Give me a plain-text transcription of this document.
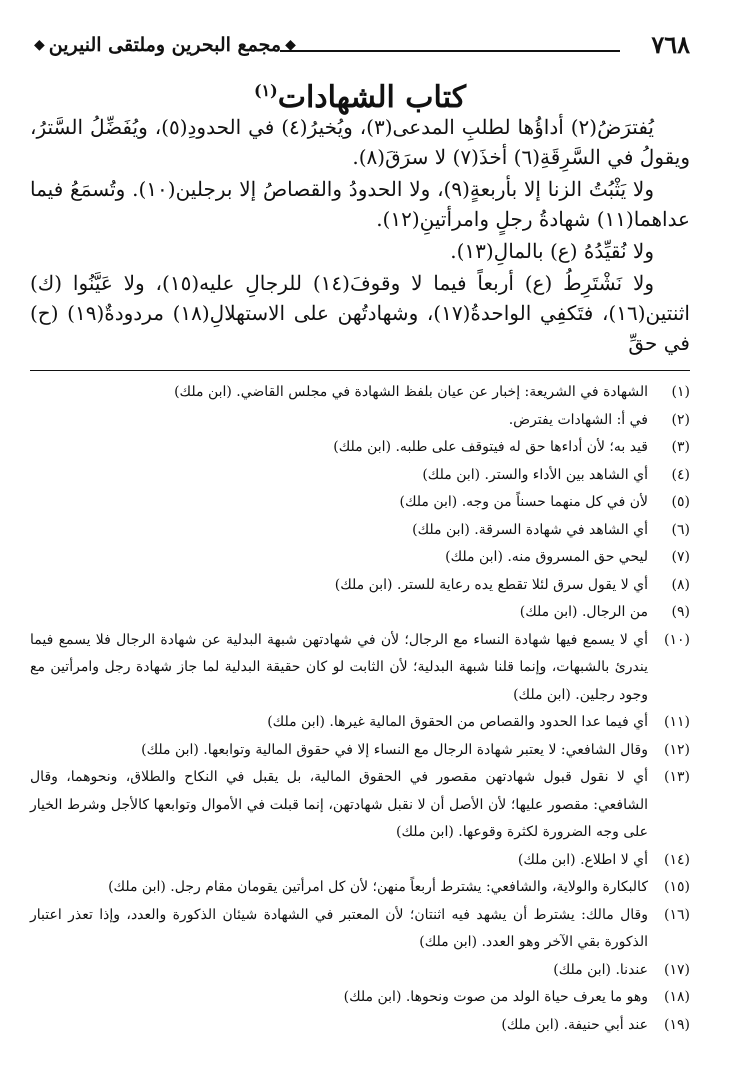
٧٦٨
◆
مجمع البحرين وملتقى النيرين
◆
كتاب الشهادات$^{(١)}$

يُفترَضُ(٢) أداؤُها لطلبِ المدعى(٣)، ويُخيرُ(٤) في الحدودِ(٥)، ويُفَضِّلُ السَّترُ، ويقولُ في السَّرِقَةِ(٦) أخذَ(٧) لا سرَقَ(٨).

ولا يَثْبُتُ الزنا إلا بأربعةٍ(٩)، ولا الحدودُ والقصاصُ إلا برجلين(١٠). وتُسمَعُ فيما عداهما(١١) شهادةُ رجلٍ وامرأتينِ(١٢).

ولا نُقيِّدُهُ (ع) بالمالِ(١٣).

ولا نَشْتَرِطُ (ع) أربعاً فيما لا وقوفَ(١٤) للرجالِ عليه(١٥)، ولا عَيَّنُوا (ك) اثنتين(١٦)، فتَكفِي الواحدةُ(١٧)، وشهادتُهن على الاستهلالِ(١٨) مردودةٌ(١٩) (ح) في حقِّ

(١)
الشهادة في الشريعة: إخبار عن عيان بلفظ الشهادة في مجلس القاضي. (ابن ملك)
(٢)
في أ: الشهادات يفترض.
(٣)
قيد به؛ لأن أداءها حق له فيتوقف على طلبه. (ابن ملك)
(٤)
أي الشاهد بين الأداء والستر. (ابن ملك)
(٥)
لأن في كل منهما حسناً من وجه. (ابن ملك)
(٦)
أي الشاهد في شهادة السرقة. (ابن ملك)
(٧)
ليحي حق المسروق منه. (ابن ملك)
(٨)
أي لا يقول سرق لئلا تقطع يده رعاية للستر. (ابن ملك)
(٩)
من الرجال. (ابن ملك)
(١٠)
أي لا يسمع فيها شهادة النساء مع الرجال؛ لأن في شهادتهن شبهة البدلية عن شهادة الرجال فلا يسمع فيما يندرئ بالشبهات، وإنما قلنا شبهة البدلية؛ لأن الثابت لو كان حقيقة البدلية لما جاز شهادة رجل وامرأتين مع وجود رجلين. (ابن ملك)
(١١)
أي فيما عدا الحدود والقصاص من الحقوق المالية غيرها. (ابن ملك)
(١٢)
وقال الشافعي: لا يعتبر شهادة الرجال مع النساء إلا في حقوق المالية وتوابعها. (ابن ملك)
(١٣)
أي لا نقول قبول شهادتهن مقصور في الحقوق المالية، بل يقبل في النكاح والطلاق، ونحوهما، وقال الشافعي: مقصور عليها؛ لأن الأصل أن لا نقبل شهادتهن، إنما قبلت في الأموال وتوابعها كالأجل وشرط الخيار على وجه الضرورة لكثرة وقوعها. (ابن ملك)
(١٤)
أي لا اطلاع. (ابن ملك)
(١٥)
كالبكارة والولاية، والشافعي: يشترط أربعاً منهن؛ لأن كل امرأتين يقومان مقام رجل. (ابن ملك)
(١٦)
وقال مالك: يشترط أن يشهد فيه اثنتان؛ لأن المعتبر في الشهادة شيئان الذكورة والعدد، وإذا تعذر اعتبار الذكورة بقي الآخر وهو العدد. (ابن ملك)
(١٧)
عندنا. (ابن ملك)
(١٨)
وهو ما يعرف حياة الولد من صوت ونحوها. (ابن ملك)
(١٩)
عند أبي حنيفة. (ابن ملك)
